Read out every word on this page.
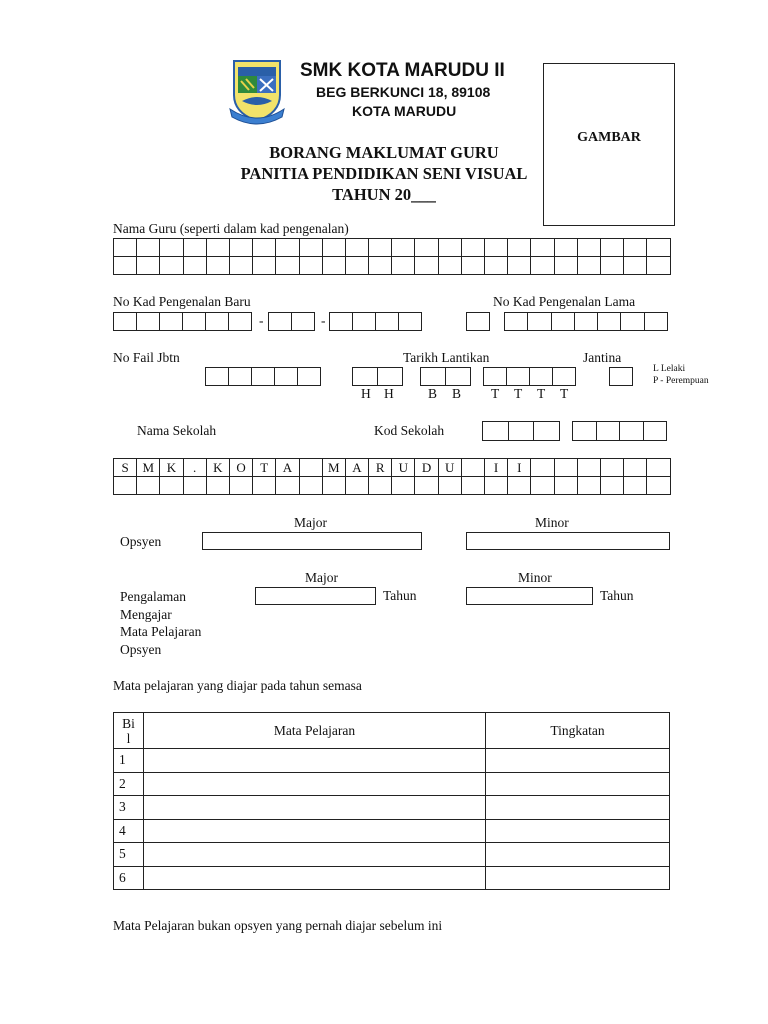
SMK KOTA MARUDU II
BEG BERKUNCI 18, 89108
KOTA MARUDU
GAMBAR
BORANG MAKLUMAT GURU
PANITIA PENDIDIKAN SENI VISUAL
TAHUN 20___
Nama Guru (seperti dalam kad pengenalan)
No Kad Pengenalan Baru	No Kad Pengenalan Lama
-	-
No Fail Jbtn	Tarikh Lantikan	Jantina
L Lelaki
P - Perempuan
H H	B B T T T T
Nama Sekolah	Kod Sekolah
S	M K	.	K	O	T	A	M A	R	U	D	U	I	I
Major	Minor
Opsyen
Major	Minor
Pengalaman
Mengajar
Mata Pelajaran
Opsyen
Tahun	Tahun
Mata pelajaran yang diajar pada tahun semasa
Bi
l	Mata Pelajaran	Tingkatan
1		
2		
3		
4		
5		
6		
Mata Pelajaran bukan opsyen yang pernah diajar sebelum ini
